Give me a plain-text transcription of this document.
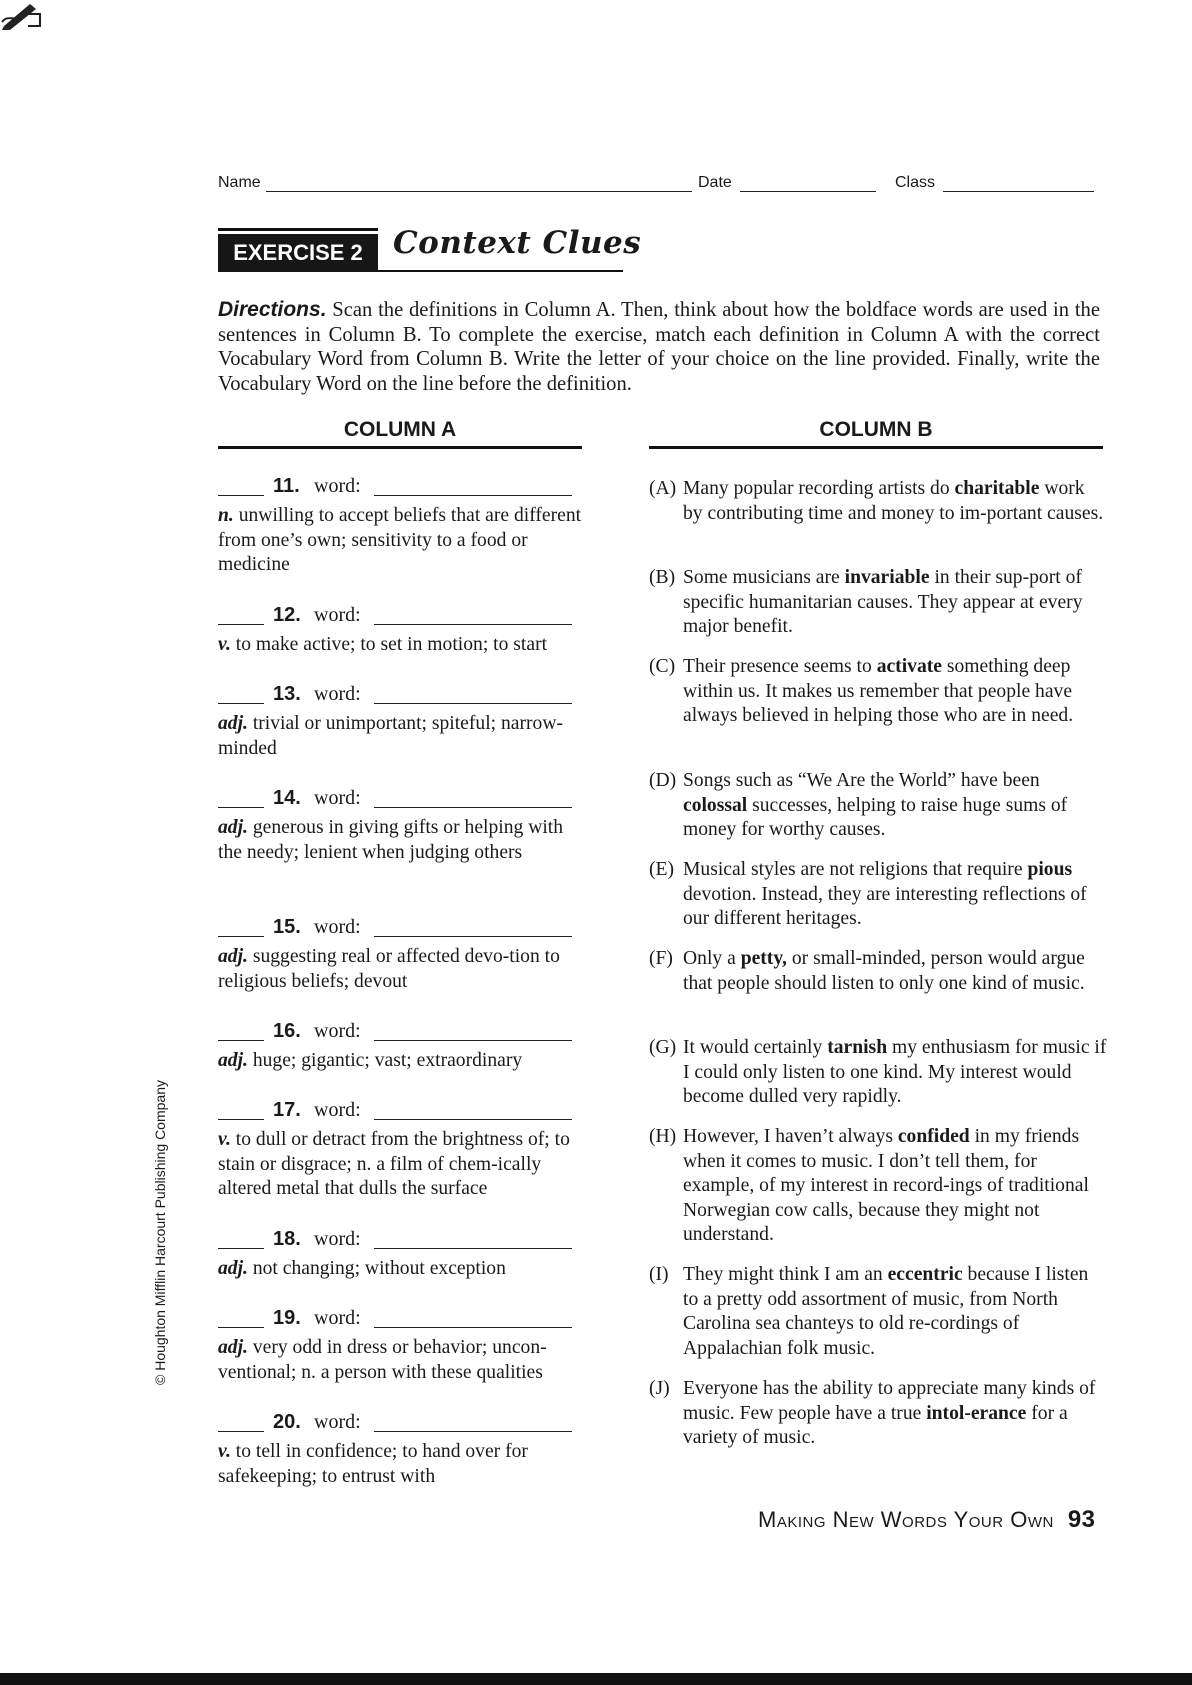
Name	Date	Class
EXERCISE 2 Context Clues
Directions. Scan the definitions in Column A. Then, think about how the boldface words are used in the sentences in Column B. To complete the exercise, match each definition in Column A with the correct Vocabulary Word from Column B. Write the letter of your choice on the line provided. Finally, write the Vocabulary Word on the line before the definition.
COLUMN A	COLUMN B
11. word:
n. unwilling to accept beliefs that are different from one’s own; sensitivity to a food or medicine
12. word:
v. to make active; to set in motion; to start
13. word:
adj. trivial or unimportant; spiteful; narrow-minded
14. word:
adj. generous in giving gifts or helping with the needy; lenient when judging others
15. word:
adj. suggesting real or affected devo-tion to religious beliefs; devout
16. word:
adj. huge; gigantic; vast; extraordinary
17. word:
v. to dull or detract from the brightness of; to stain or disgrace; n. a film of chem-ically altered metal that dulls the surface
18. word:
adj. not changing; without exception
19. word:
adj. very odd in dress or behavior; uncon-ventional; n. a person with these qualities
20. word:
v. to tell in confidence; to hand over for safekeeping; to entrust with
(A) Many popular recording artists do charitable work by contributing time and money to im-portant causes.
(B) Some musicians are invariable in their sup-port of specific humanitarian causes. They appear at every major benefit.
(C) Their presence seems to activate something deep within us. It makes us remember that people have always believed in helping those who are in need.
(D) Songs such as “We Are the World” have been colossal successes, helping to raise huge sums of money for worthy causes.
(E) Musical styles are not religions that require pious devotion. Instead, they are interesting reflections of our different heritages.
(F) Only a petty, or small-minded, person would argue that people should listen to only one kind of music.
(G) It would certainly tarnish my enthusiasm for music if I could only listen to one kind. My interest would become dulled very rapidly.
(H) However, I haven’t always confided in my friends when it comes to music. I don’t tell them, for example, of my interest in record-ings of traditional Norwegian cow calls, because they might not understand.
(I) They might think I am an eccentric because I listen to a pretty odd assortment of music, from North Carolina sea chanteys to old re-cordings of Appalachian folk music.
(J) Everyone has the ability to appreciate many kinds of music. Few people have a true intol-erance for a variety of music.
© Houghton Mifflin Harcourt Publishing Company
Making New Words Your Own 93
